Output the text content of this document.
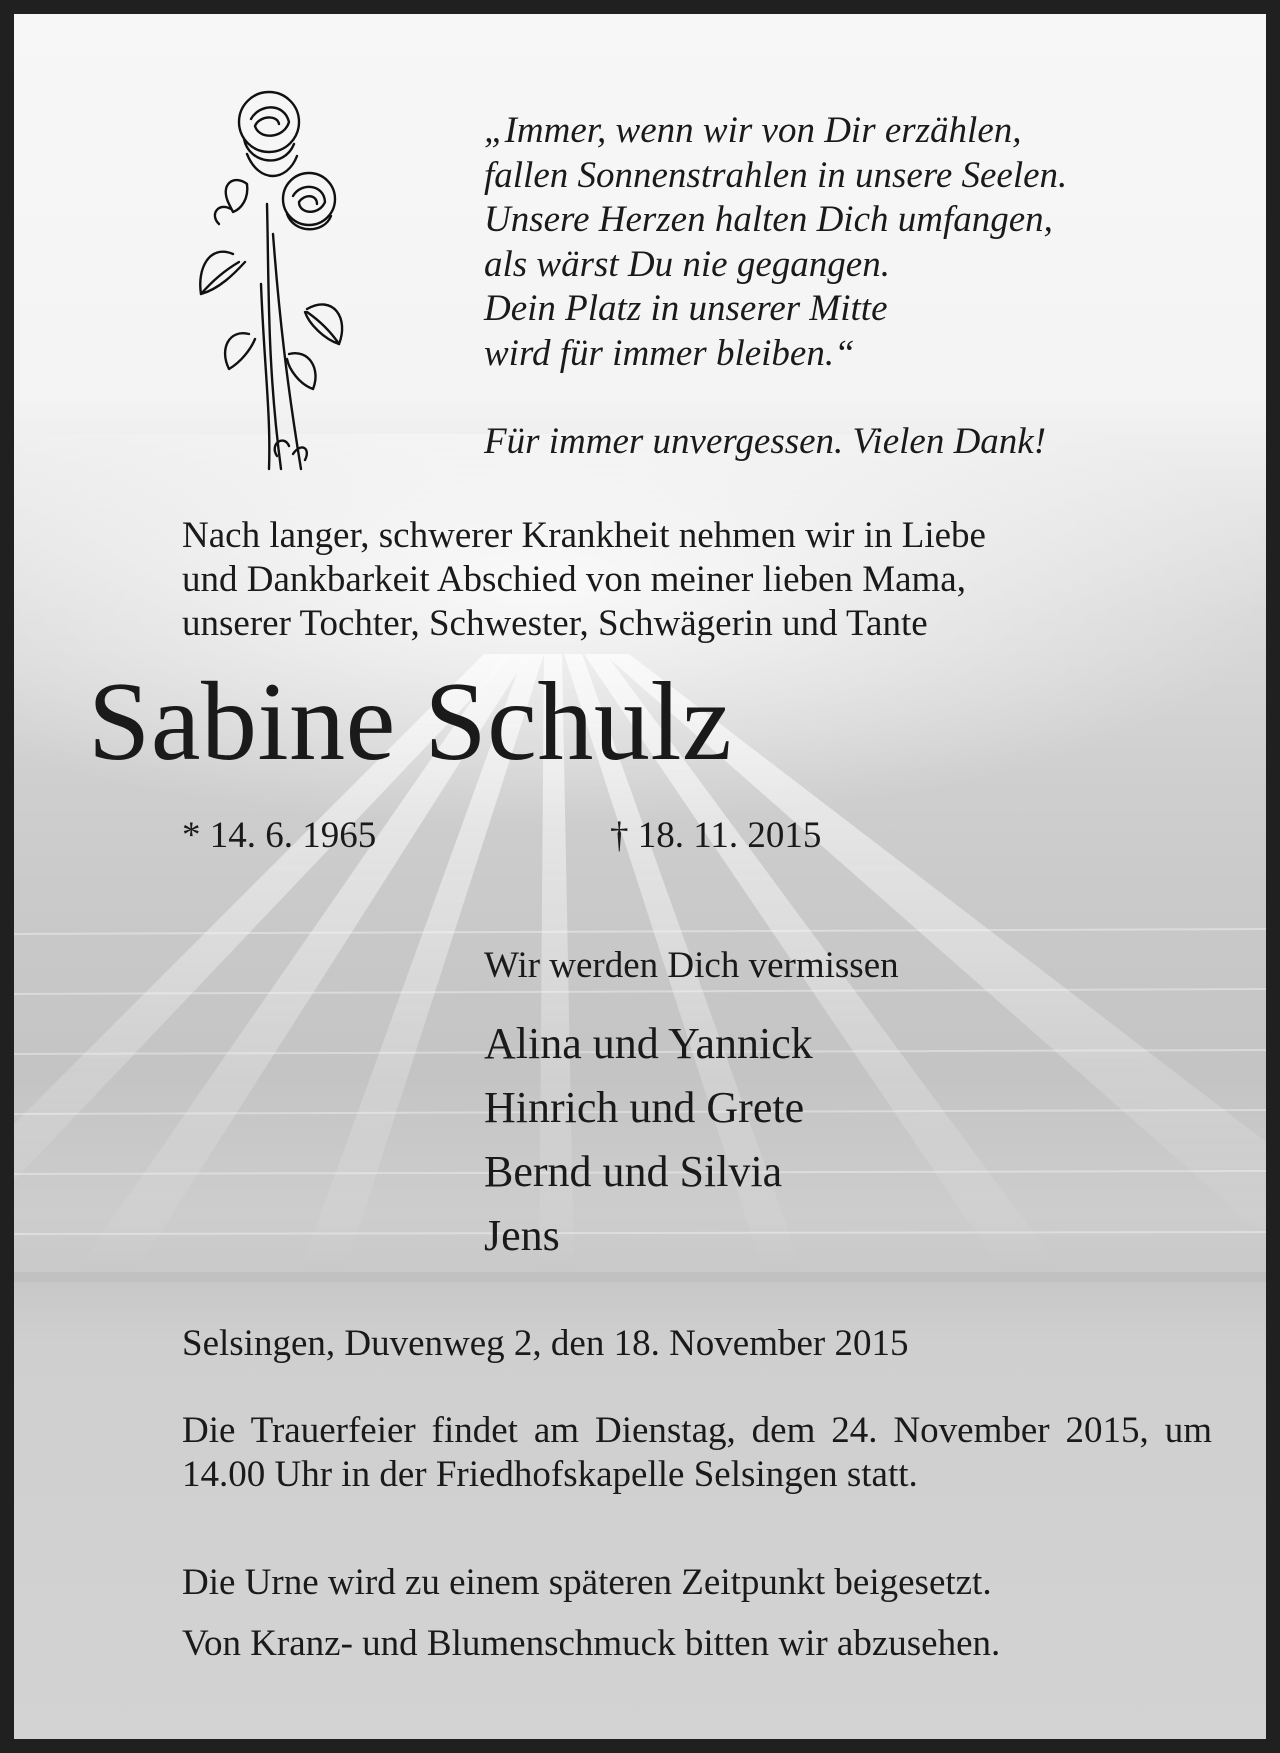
„Immer, wenn wir von Dir erzählen,
fallen Sonnenstrahlen in unsere Seelen.
Unsere Herzen halten Dich umfangen,
als wärst Du nie gegangen.
Dein Platz in unserer Mitte
wird für immer bleiben.“
Für immer unvergessen. Vielen Dank!
Nach langer, schwerer Krankheit nehmen wir in Liebe
und Dankbarkeit Abschied von meiner lieben Mama,
unserer Tochter, Schwester, Schwägerin und Tante
Sabine Schulz
* 14. 6. 1965	† 18. 11. 2015
Wir werden Dich vermissen
Alina und Yannick
Hinrich und Grete
Bernd und Silvia
Jens
Selsingen, Duvenweg 2, den 18. November 2015
Die Trauerfeier findet am Dienstag, dem 24. November 2015, um 14.00 Uhr in der Friedhofskapelle Selsingen statt.
Die Urne wird zu einem späteren Zeitpunkt beigesetzt.
Von Kranz- und Blumenschmuck bitten wir abzusehen.
